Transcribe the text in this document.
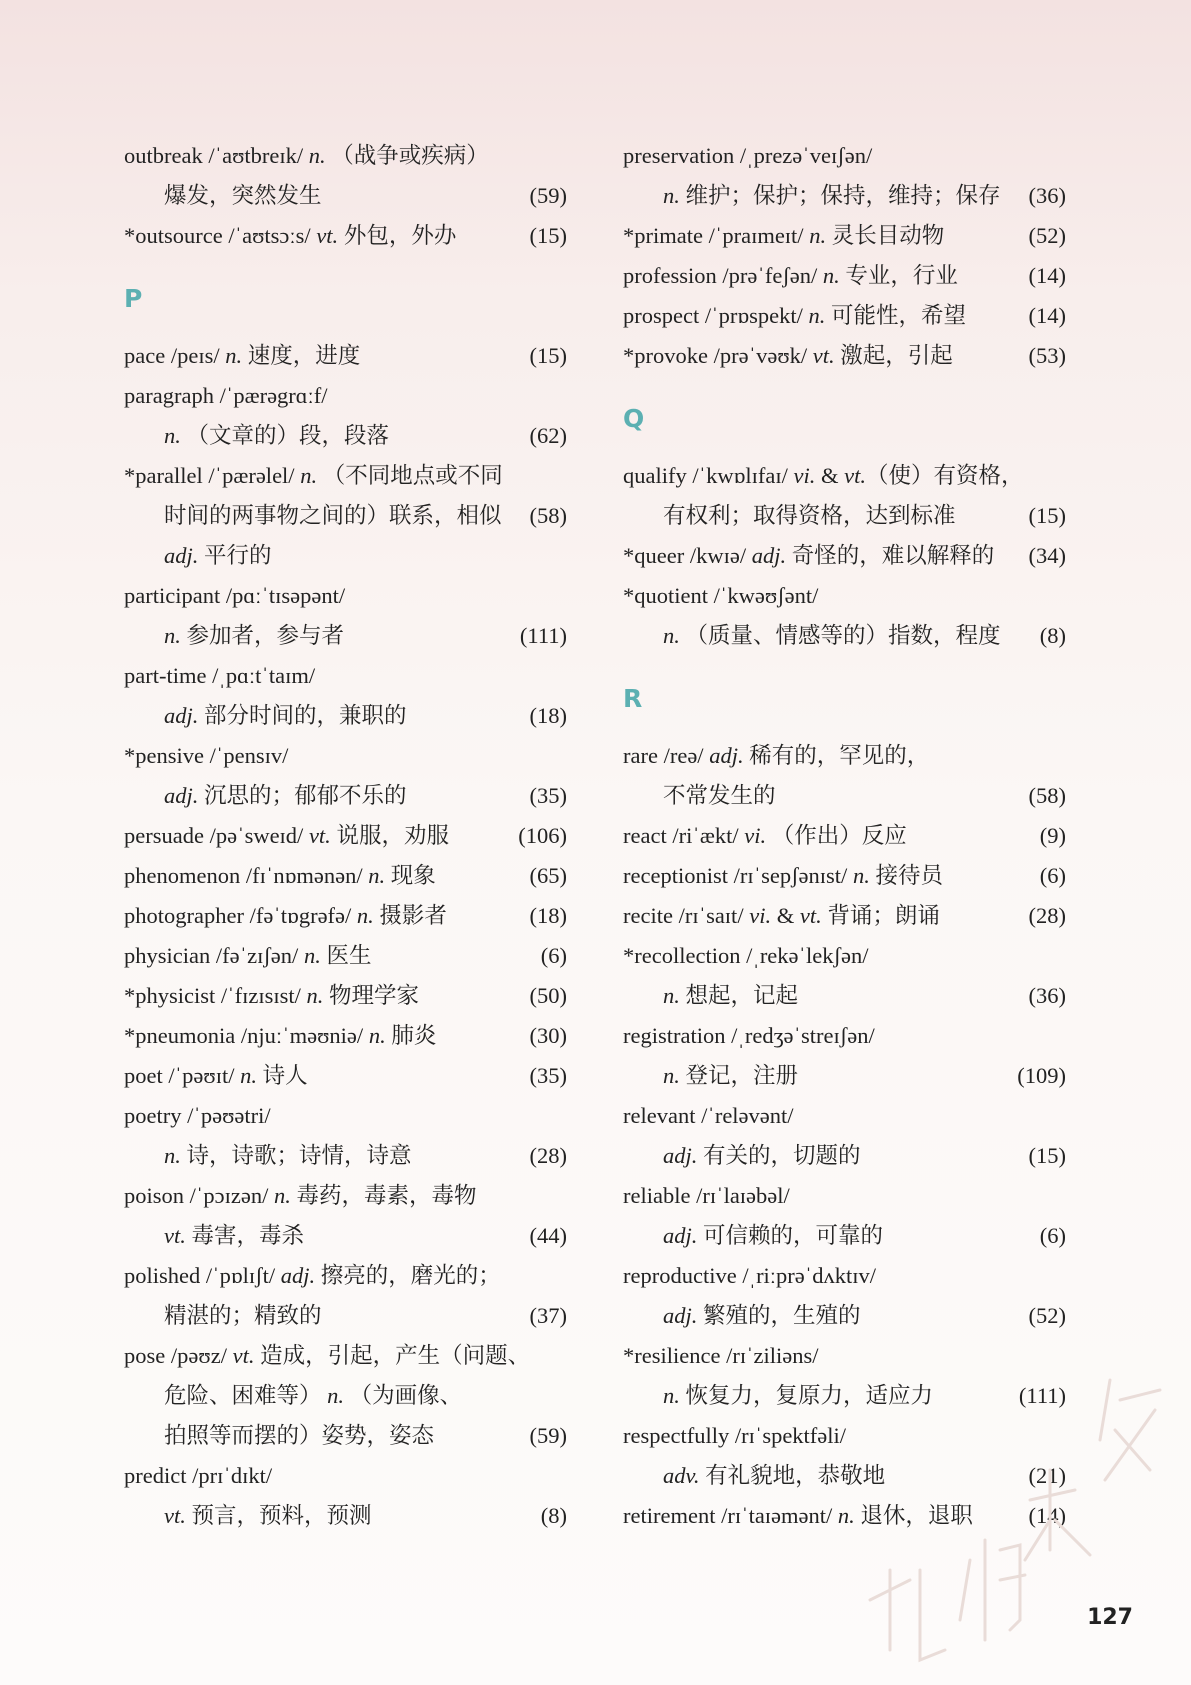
outbreak /ˈaʊtbreɪk/ n. （战争或疾病）
爆发，突然发生	(59)
*outsource /ˈaʊtsɔːs/ vt. 外包，外办	(15)
P
pace /peɪs/ n. 速度，进度	(15)
paragraph /ˈpærəgrɑːf/
n. （文章的）段，段落	(62)
*parallel /ˈpærəlel/ n. （不同地点或不同
时间的两事物之间的）联系，相似 (58)
adj. 平行的
participant /pɑːˈtɪsəpənt/
n. 参加者，参与者	(111)
part-time /ˌpɑːtˈtaɪm/
adj. 部分时间的，兼职的	(18)
*pensive /ˈpensɪv/
adj. 沉思的；郁郁不乐的	(35)
persuade /pəˈsweɪd/ vt. 说服，劝服	(106)
phenomenon /fɪˈnɒmənən/ n. 现象	(65)
photographer /fəˈtɒgrəfə/ n. 摄影者	(18)
physician /fəˈzɪʃən/ n. 医生	(6)
*physicist /ˈfɪzɪsɪst/ n. 物理学家	(50)
*pneumonia /njuːˈməʊniə/ n. 肺炎	(30)
poet /ˈpəʊɪt/ n. 诗人	(35)
poetry /ˈpəʊətri/
n. 诗，诗歌；诗情，诗意	(28)
poison /ˈpɔɪzən/ n. 毒药，毒素，毒物
vt. 毒害，毒杀	(44)
polished /ˈpɒlɪʃt/ adj. 擦亮的，磨光的；
精湛的；精致的	(37)
pose /pəʊz/ vt. 造成，引起，产生（问题、
危险、困难等） n. （为画像、
拍照等而摆的）姿势，姿态	(59)
predict /prɪˈdɪkt/
vt. 预言，预料，预测	(8)
preservation /ˌprezəˈveɪʃən/
n. 维护；保护；保持，维持；保存 (36)
*primate /ˈpraɪmeɪt/ n. 灵长目动物	(52)
profession /prəˈfeʃən/ n. 专业，行业	(14)
prospect /ˈprɒspekt/ n. 可能性，希望	(14)
*provoke /prəˈvəʊk/ vt. 激起，引起	(53)
Q
qualify /ˈkwɒlɪfaɪ/ vi. & vt.（使）有资格，
有权利；取得资格，达到标准	(15)
*queer /kwɪə/ adj. 奇怪的，难以解释的 (34)
*quotient /ˈkwəʊʃənt/
n. （质量、情感等的）指数，程度 (8)
R
rare /reə/ adj. 稀有的，罕见的，
不常发生的	(58)
react /riˈækt/ vi. （作出）反应	(9)
receptionist /rɪˈsepʃənɪst/ n. 接待员	(6)
recite /rɪˈsaɪt/ vi. & vt. 背诵；朗诵	(28)
*recollection /ˌrekəˈlekʃən/
n. 想起，记起	(36)
registration /ˌredʒəˈstreɪʃən/
n. 登记，注册	(109)
relevant /ˈreləvənt/
adj. 有关的，切题的	(15)
reliable /rɪˈlaɪəbəl/
adj. 可信赖的，可靠的	(6)
reproductive /ˌriːprəˈdʌktɪv/
adj. 繁殖的，生殖的	(52)
*resilience /rɪˈziliəns/
n. 恢复力，复原力，适应力	(111)
respectfully /rɪˈspektfəli/
adv. 有礼貌地，恭敬地	(21)
retirement /rɪˈtaɪəmənt/ n. 退休，退职 (14)
127
